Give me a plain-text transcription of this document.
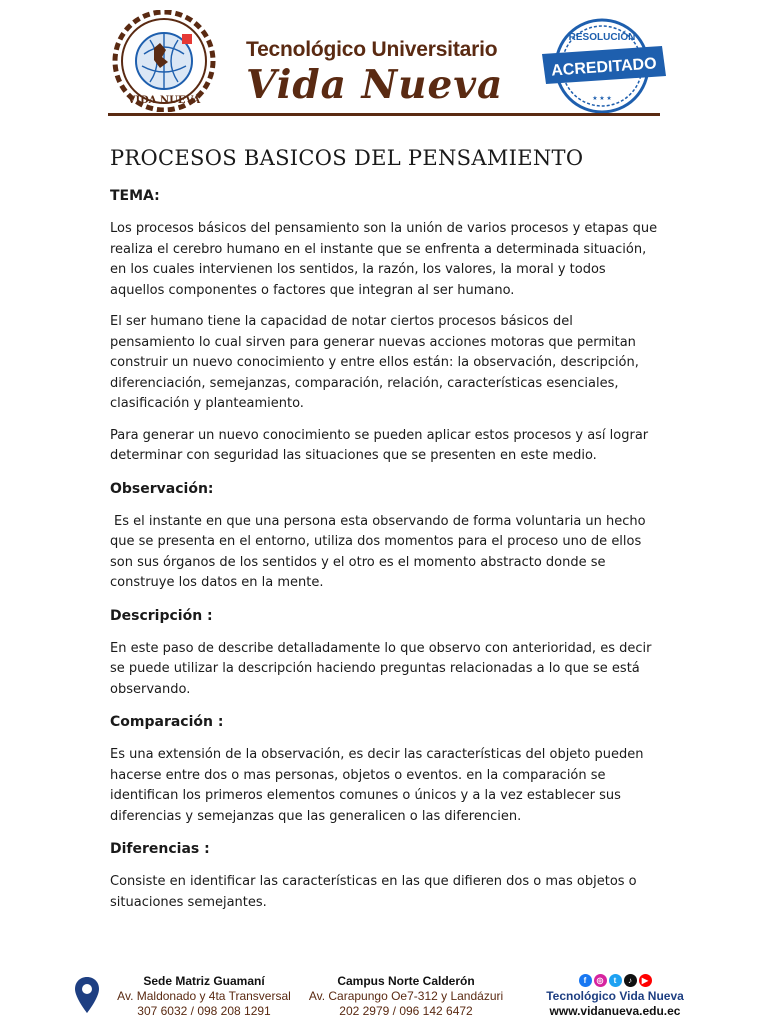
VIDA NUEVA
Tecnológico Universitario
Vida Nueva
RESOLUCIÓN
ACREDITADO
★ ★ ★
PROCESOS BASICOS DEL PENSAMIENTO
TEMA:

Los procesos básicos del pensamiento son la unión de varios procesos y etapas que realiza el cerebro humano en el instante que se enfrenta a determinada situación, en los cuales intervienen los sentidos, la razón, los valores, la moral y todos aquellos componentes o factores que integran al ser humano.

El ser humano tiene la capacidad de notar ciertos procesos básicos del pensamiento lo cual sirven para generar nuevas acciones motoras que permitan construir un nuevo conocimiento y entre ellos están: la observación, descripción, diferenciación, semejanzas, comparación, relación, características esenciales, clasificación y planteamiento.

Para generar un nuevo conocimiento se pueden aplicar estos procesos y así lograr determinar con seguridad las situaciones que se presenten en este medio.

Observación:

Es el instante en que una persona esta observando de forma voluntaria un hecho que se presenta en el entorno, utiliza dos momentos para el proceso uno de ellos son sus órganos de los sentidos y el otro es el momento abstracto donde se construye los datos en la mente.

Descripción :

En este paso de describe detalladamente lo que observo con anterioridad, es decir se puede utilizar la descripción haciendo preguntas relacionadas a lo que se está observando.

Comparación :

Es una extensión de la observación, es decir las características del objeto pueden hacerse entre dos o mas personas, objetos o eventos. en la comparación se identifican los primeros elementos comunes o únicos y a la vez establecer sus diferencias y semejanzas que las generalicen o las diferencien.

Diferencias :

Consiste en identificar las características en las que difieren dos o mas objetos o situaciones semejantes.

Sede Matriz Guamaní
Av. Maldonado y 4ta Transversal
307 6032 / 098 208 1291
Campus Norte Calderón
Av. Carapungo Oe7-312 y Landázuri
202 2979 / 096 142 6472
f	◎	t	♪	▶
Tecnológico Vida Nueva
www.vidanueva.edu.ec
